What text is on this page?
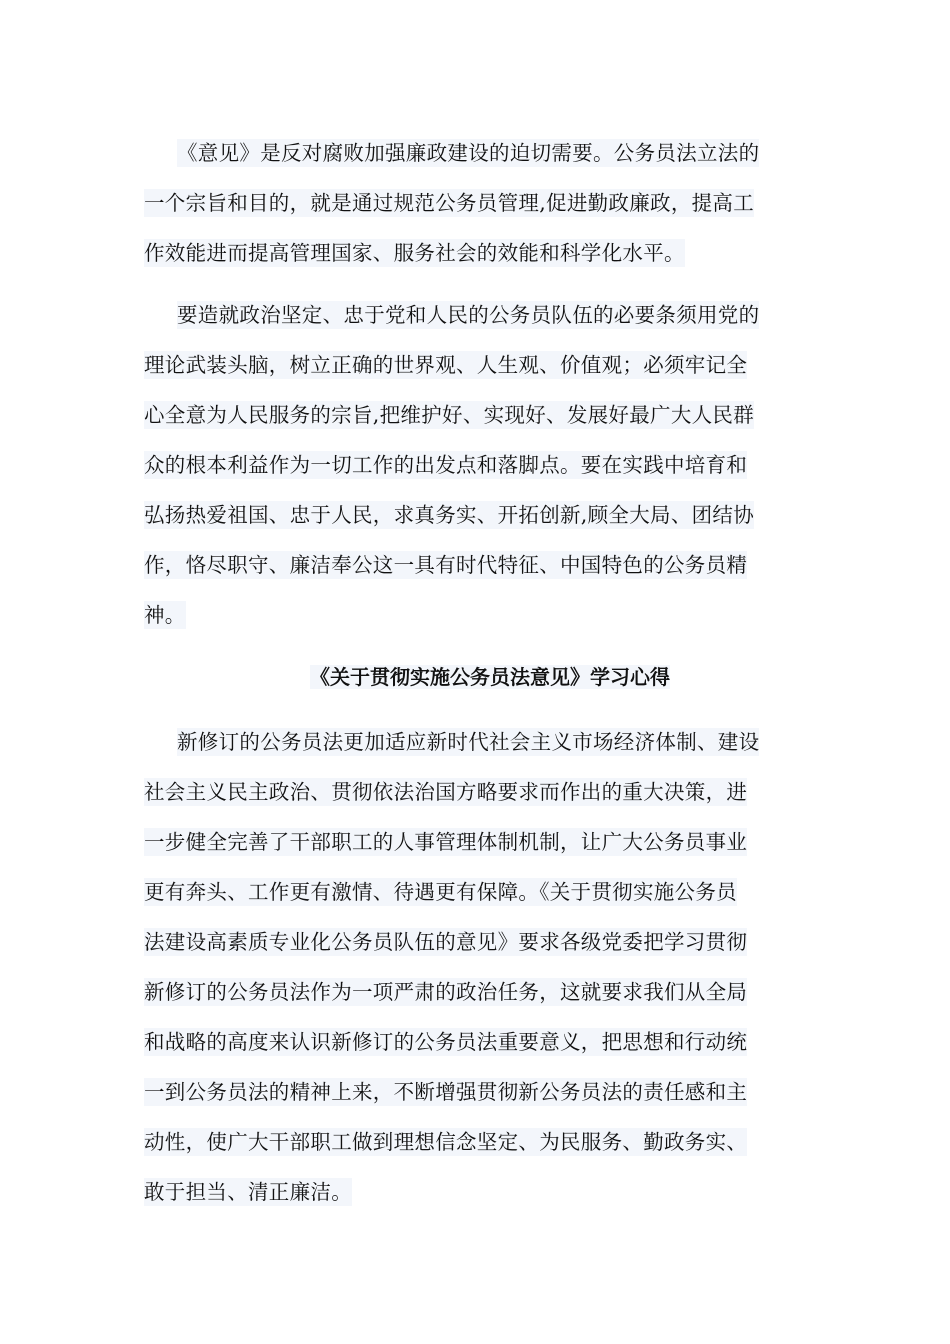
《意见》是反对腐败加强廉政建设的迫切需要。公务员法立法的
一个宗旨和目的，就是通过规范公务员管理,促进勤政廉政，提高工
作效能进而提高管理国家、服务社会的效能和科学化水平。
要造就政治坚定、忠于党和人民的公务员队伍的必要条须用党的
理论武装头脑，树立正确的世界观、人生观、价值观；必须牢记全
心全意为人民服务的宗旨,把维护好、实现好、发展好最广大人民群
众的根本利益作为一切工作的出发点和落脚点。要在实践中培育和
弘扬热爱祖国、忠于人民，求真务实、开拓创新,顾全大局、团结协
作，恪尽职守、廉洁奉公这一具有时代特征、中国特色的公务员精
神。
《关于贯彻实施公务员法意见》学习心得
新修订的公务员法更加适应新时代社会主义市场经济体制、建设
社会主义民主政治、贯彻依法治国方略要求而作出的重大决策，进
一步健全完善了干部职工的人事管理体制机制，让广大公务员事业
更有奔头、工作更有激情、待遇更有保障。《关于贯彻实施公务员
法建设高素质专业化公务员队伍的意见》要求各级党委把学习贯彻
新修订的公务员法作为一项严肃的政治任务，这就要求我们从全局
和战略的高度来认识新修订的公务员法重要意义，把思想和行动统
一到公务员法的精神上来，不断增强贯彻新公务员法的责任感和主
动性，使广大干部职工做到理想信念坚定、为民服务、勤政务实、
敢于担当、清正廉洁。
